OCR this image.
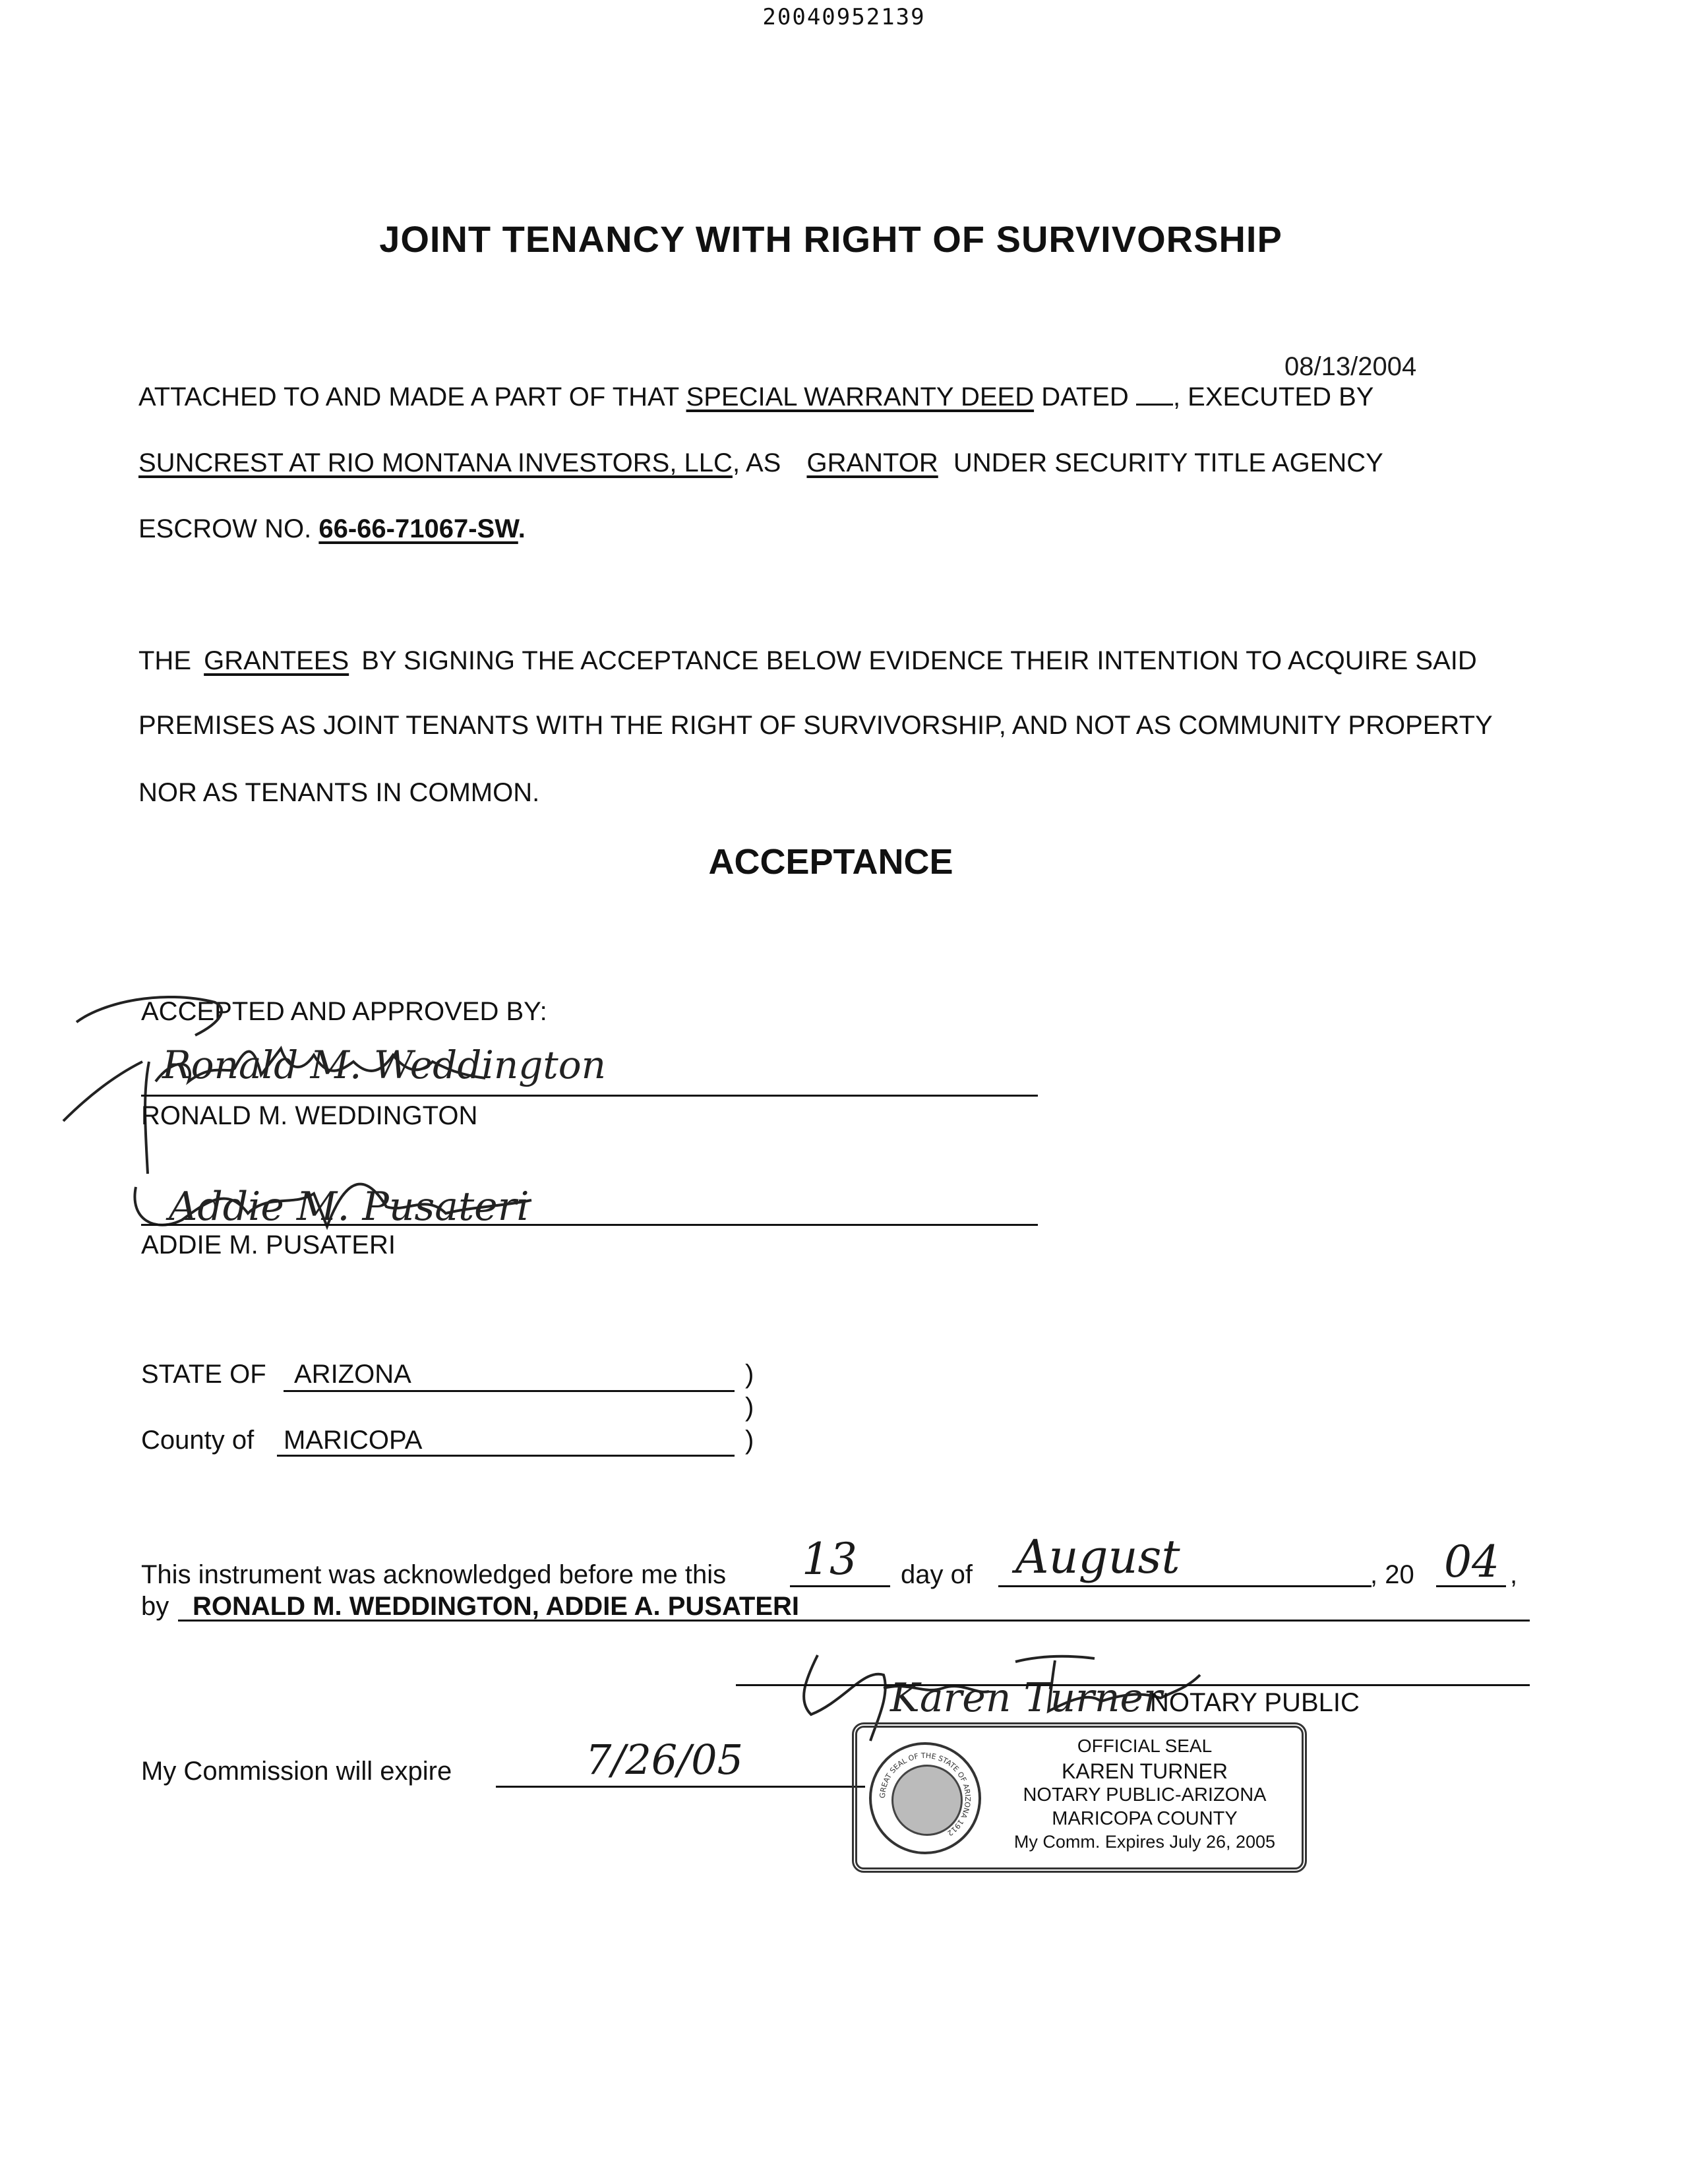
20040952139
JOINT TENANCY WITH RIGHT OF SURVIVORSHIP
08/13/2004
ATTACHED TO AND MADE A PART OF THAT SPECIAL WARRANTY DEED DATED , EXECUTED BY
SUNCREST AT RIO MONTANA INVESTORS, LLC, AS GRANTOR UNDER SECURITY TITLE AGENCY
ESCROW NO. 66-66-71067-SW.
THE GRANTEES BY SIGNING THE ACCEPTANCE BELOW EVIDENCE THEIR INTENTION TO ACQUIRE SAID
PREMISES AS JOINT TENANTS WITH THE RIGHT OF SURVIVORSHIP, AND NOT AS COMMUNITY PROPERTY
NOR AS TENANTS IN COMMON.
ACCEPTANCE
ACCEPTED AND APPROVED BY:
Ronald M. Weddington
RONALD M. WEDDINGTON
Addie M. Pusateri
ADDIE M. PUSATERI
STATE OF ARIZONA	)
)
County of MARICOPA	)
This instrument was acknowledged before me this 13 day of August	, 20 04 ,
by RONALD M. WEDDINGTON, ADDIE A. PUSATERI
Karen Turner
NOTARY PUBLIC
My Commission will expire	7/26/05
GREAT SEAL OF THE STATE OF ARIZONA 1912
OFFICIAL SEAL
KAREN TURNER
NOTARY PUBLIC-ARIZONA
MARICOPA COUNTY
My Comm. Expires July 26, 2005
